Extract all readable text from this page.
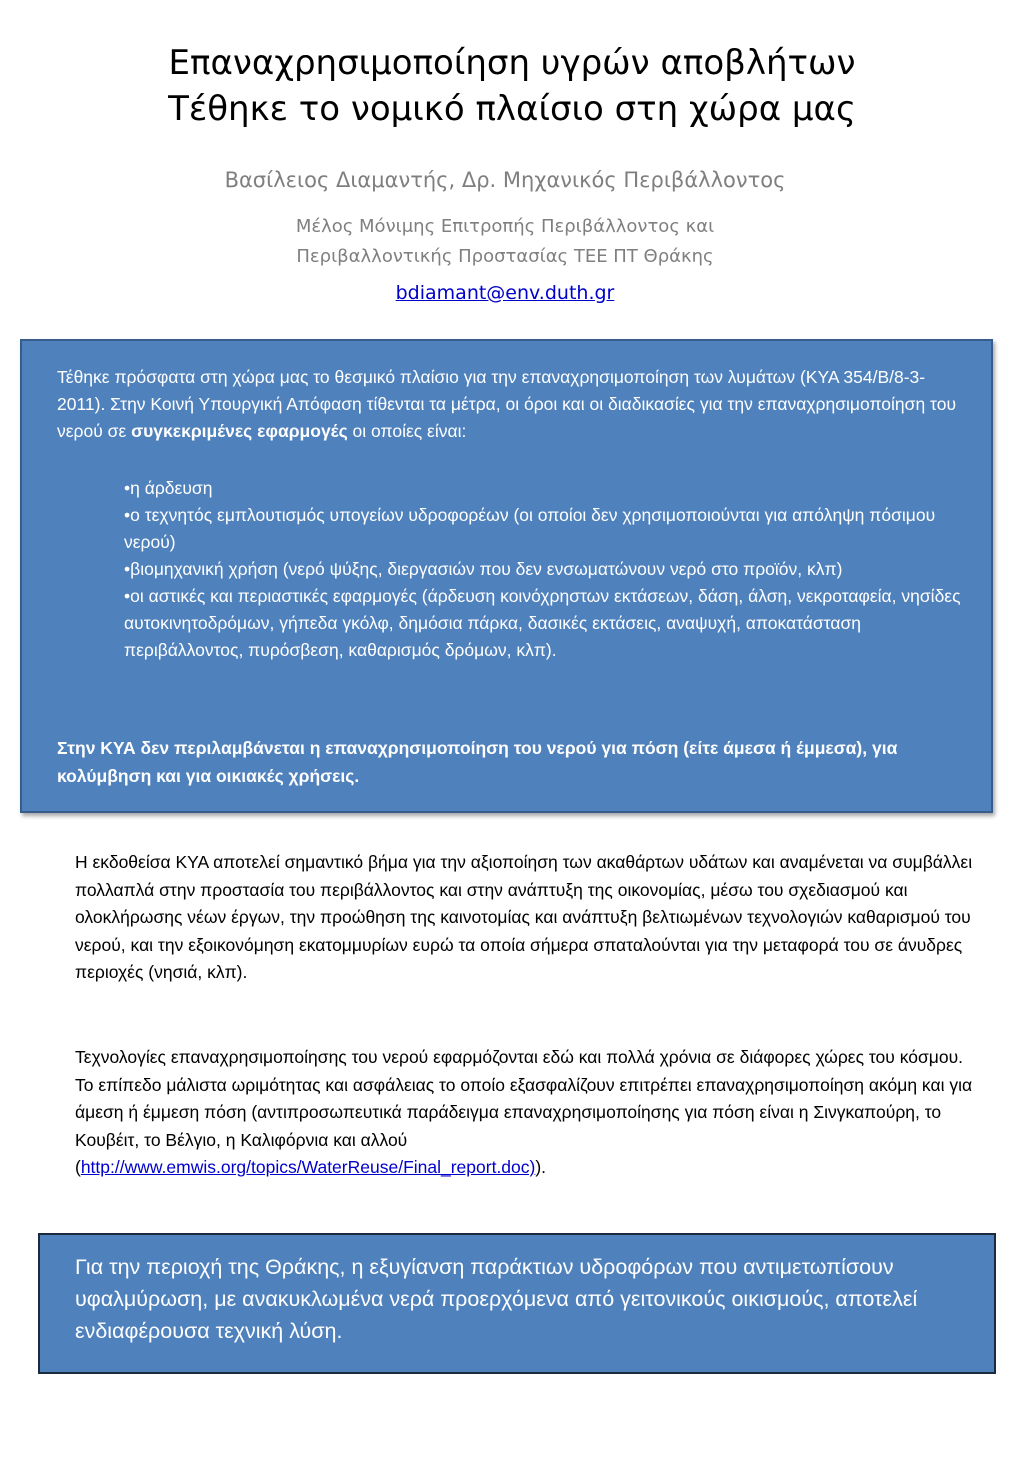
Επαναχρησιμοποίηση υγρών αποβλήτων
Τέθηκε το νομικό πλαίσιο στη χώρα μας
Βασίλειος Διαμαντής, Δρ. Μηχανικός Περιβάλλοντος
Μέλος Μόνιμης Επιτροπής Περιβάλλοντος και
Περιβαλλοντικής Προστασίας ΤΕΕ ΠΤ Θράκης
bdiamant@env.duth.gr
Τέθηκε πρόσφατα στη χώρα μας το θεσμικό πλαίσιο για την επαναχρησιμοποίηση των λυμάτων (ΚΥΑ 354/Β/8-3-2011). Στην Κοινή Υπουργική Απόφαση τίθενται τα μέτρα, οι όροι και οι διαδικασίες για την επαναχρησιμοποίηση του νερού σε συγκεκριμένες εφαρμογές οι οποίες είναι:
•η άρδευση
•ο τεχνητός εμπλουτισμός υπογείων υδροφορέων (οι οποίοι δεν χρησιμοποιούνται για απόληψη πόσιμου νερού)
•βιομηχανική χρήση (νερό ψύξης, διεργασιών που δεν ενσωματώνουν νερό στο προϊόν, κλπ)
•οι αστικές και περιαστικές εφαρμογές (άρδευση κοινόχρηστων εκτάσεων, δάση, άλση, νεκροταφεία, νησίδες αυτοκινητοδρόμων, γήπεδα γκόλφ, δημόσια πάρκα, δασικές εκτάσεις, αναψυχή, αποκατάσταση περιβάλλοντος, πυρόσβεση, καθαρισμός δρόμων, κλπ).
Στην ΚΥΑ δεν περιλαμβάνεται η επαναχρησιμοποίηση του νερού για πόση (είτε άμεσα ή έμμεσα), για κολύμβηση και για οικιακές χρήσεις.
Η εκδοθείσα ΚΥΑ αποτελεί σημαντικό βήμα για την αξιοποίηση των ακαθάρτων υδάτων και αναμένεται να συμβάλλει πολλαπλά στην προστασία του περιβάλλοντος και στην ανάπτυξη της οικονομίας, μέσω του σχεδιασμού και ολοκλήρωσης νέων έργων, την προώθηση της καινοτομίας και ανάπτυξη βελτιωμένων τεχνολογιών καθαρισμού του νερού, και την εξοικονόμηση εκατομμυρίων ευρώ τα οποία σήμερα σπαταλούνται για την μεταφορά του σε άνυδρες περιοχές (νησιά, κλπ).
Τεχνολογίες επαναχρησιμοποίησης του νερού εφαρμόζονται εδώ και πολλά χρόνια σε διάφορες χώρες του κόσμου. Το επίπεδο μάλιστα ωριμότητας και ασφάλειας το οποίο εξασφαλίζουν επιτρέπει επαναχρησιμοποίηση ακόμη και για άμεση ή έμμεση πόση (αντιπροσωπευτικά παράδειγμα επαναχρησιμοποίησης για πόση είναι η Σινγκαπούρη, το Κουβέιτ, το Βέλγιο, η Καλιφόρνια και αλλού
(http://www.emwis.org/topics/WaterReuse/Final_report.doc)).

Για την περιοχή της Θράκης, η εξυγίανση παράκτιων υδροφόρων που αντιμετωπίσουν υφαλμύρωση, με ανακυκλωμένα νερά προερχόμενα από γειτονικούς οικισμούς, αποτελεί ενδιαφέρουσα τεχνική λύση.
